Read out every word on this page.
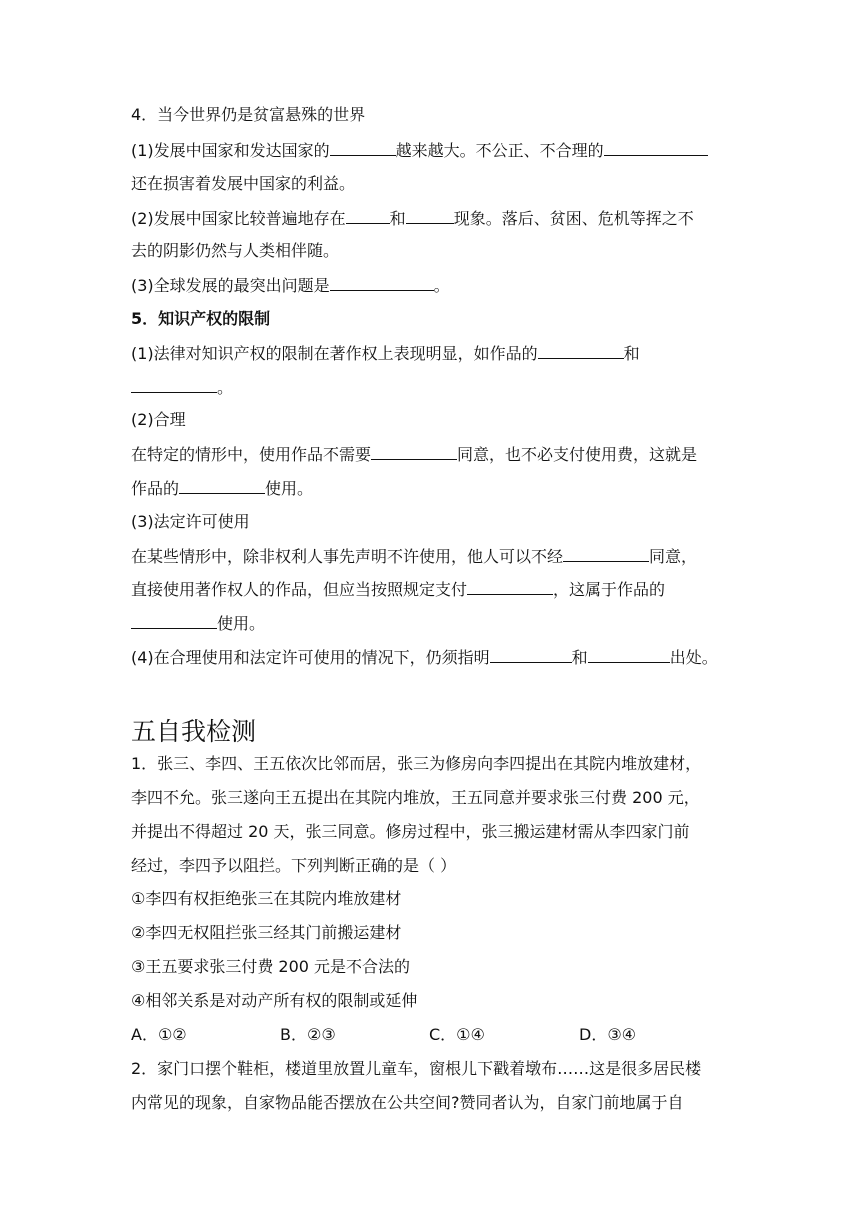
4．当今世界仍是贫富悬殊的世界
(1)发展中国家和发达国家的	越来越大。不公正、不合理的
还在损害着发展中国家的利益。
(2)发展中国家比较普遍地存在	和	现象。落后、贫困、危机等挥之不
去的阴影仍然与人类相伴随。
(3)全球发展的最突出问题是	。
5．知识产权的限制
(1)法律对知识产权的限制在著作权上表现明显，如作品的	和
。
(2)合理
在特定的情形中，使用作品不需要	同意，也不必支付使用费，这就是
作品的	使用。
(3)法定许可使用
在某些情形中，除非权利人事先声明不许使用，他人可以不经	同意，
直接使用著作权人的作品，但应当按照规定支付	，这属于作品的
使用。
(4)在合理使用和法定许可使用的情况下，仍须指明	和	出处。
五自我检测
1．张三、李四、王五依次比邻而居，张三为修房向李四提出在其院内堆放建材，
李四不允。张三遂向王五提出在其院内堆放，王五同意并要求张三付费 200 元，
并提出不得超过 20 天，张三同意。修房过程中，张三搬运建材需从李四家门前
经过，李四予以阻拦。下列判断正确的是（ ）
①李四有权拒绝张三在其院内堆放建材
②李四无权阻拦张三经其门前搬运建材
③王五要求张三付费 200 元是不合法的
④相邻关系是对动产所有权的限制或延伸
A．①②	B．②③	C．①④	D．③④
2．家门口摆个鞋柜，楼道里放置儿童车，窗根儿下戳着墩布……这是很多居民楼
内常见的现象，自家物品能否摆放在公共空间?赞同者认为，自家门前地属于自
